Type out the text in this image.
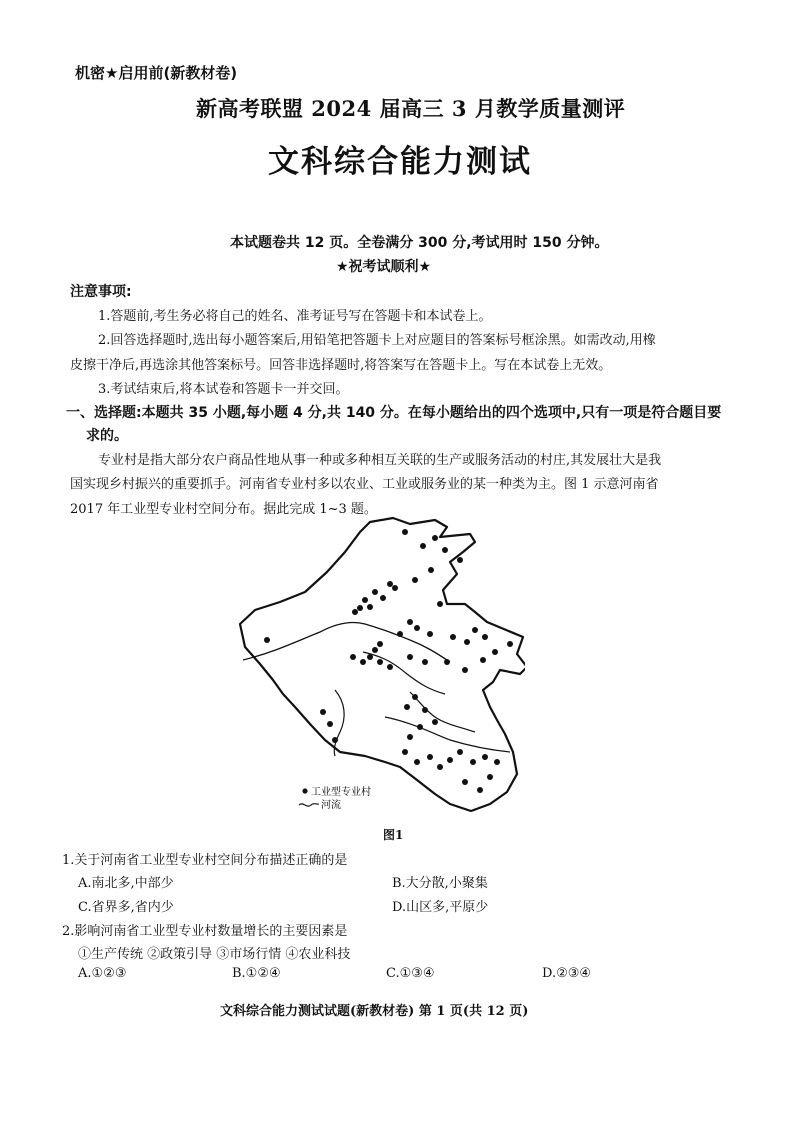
机密★启用前(新教材卷)
新高考联盟 2024 届高三 3 月教学质量测评
文科综合能力测试
本试题卷共 12 页。全卷满分 300 分,考试用时 150 分钟。
★祝考试顺利★
注意事项:
1.答题前,考生务必将自己的姓名、准考证号写在答题卡和本试卷上。
2.回答选择题时,选出每小题答案后,用铅笔把答题卡上对应题目的答案标号框涂黑。如需改动,用橡
皮擦干净后,再选涂其他答案标号。回答非选择题时,将答案写在答题卡上。写在本试卷上无效。
3.考试结束后,将本试卷和答题卡一并交回。
一、选择题:本题共 35 小题,每小题 4 分,共 140 分。在每小题给出的四个选项中,只有一项是符合题目要
求的。
专业村是指大部分农户商品性地从事一种或多种相互关联的生产或服务活动的村庄,其发展壮大是我
国实现乡村振兴的重要抓手。河南省专业村多以农业、工业或服务业的某一种类为主。图 1 示意河南省
2017 年工业型专业村空间分布。据此完成 1~3 题。
工业型专业村
河流
图1
1.关于河南省工业型专业村空间分布描述正确的是
A.南北多,中部少	B.大分散,小聚集
C.省界多,省内少	D.山区多,平原少
2.影响河南省工业型专业村数量增长的主要因素是
①生产传统 ②政策引导 ③市场行情 ④农业科技
A.①②③	B.①②④	C.①③④	D.②③④
文科综合能力测试试题(新教材卷) 第 1 页(共 12 页)
